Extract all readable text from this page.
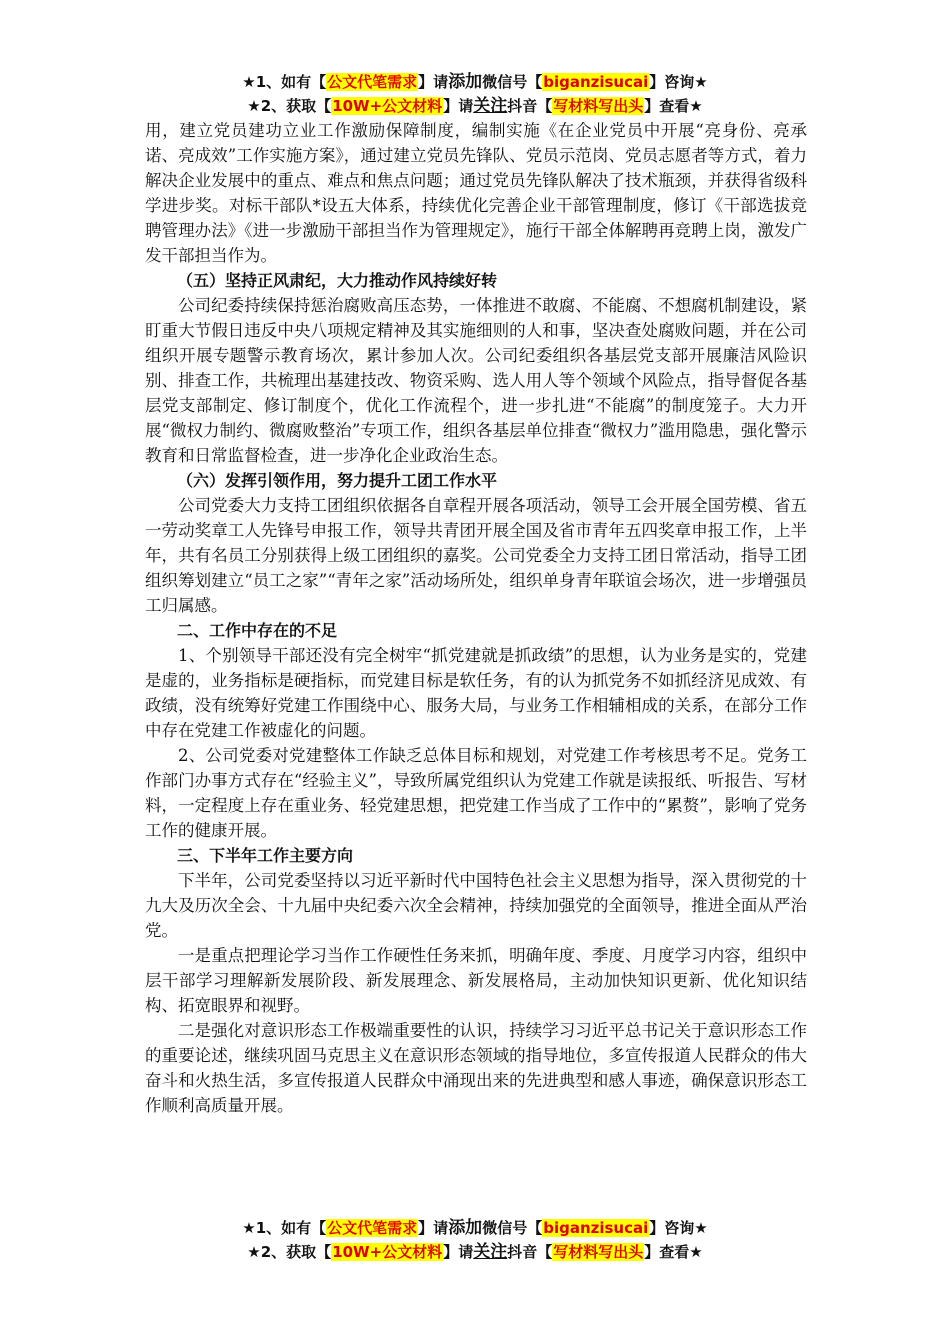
★1、如有【公文代笔需求】请添加微信号【biganzisucai】咨询★
★2、获取【10W+公文材料】请关注抖音【写材料写出头】查看★

用，建立党员建功立业工作激励保障制度，编制实施《在企业党员中开展“亮身份、亮承诺、亮成效”工作实施方案》，通过建立党员先锋队、党员示范岗、党员志愿者等方式，着力解决企业发展中的重点、难点和焦点问题；通过党员先锋队解决了技术瓶颈，并获得省级科学进步奖。对标干部队*设五大体系，持续优化完善企业干部管理制度，修订《干部选拔竞聘管理办法》《进一步激励干部担当作为管理规定》，施行干部全体解聘再竞聘上岗，激发广发干部担当作为。

（五）坚持正风肃纪，大力推动作风持续好转

公司纪委持续保持惩治腐败高压态势，一体推进不敢腐、不能腐、不想腐机制建设，紧盯重大节假日违反中央八项规定精神及其实施细则的人和事，坚决查处腐败问题，并在公司组织开展专题警示教育场次，累计参加人次。公司纪委组织各基层党支部开展廉洁风险识别、排查工作，共梳理出基建技改、物资采购、选人用人等个领域个风险点，指导督促各基层党支部制定、修订制度个，优化工作流程个，进一步扎进“不能腐”的制度笼子。大力开展“微权力制约、微腐败整治”专项工作，组织各基层单位排查“微权力”滥用隐患，强化警示教育和日常监督检查，进一步净化企业政治生态。

（六）发挥引领作用，努力提升工团工作水平

公司党委大力支持工团组织依据各自章程开展各项活动，领导工会开展全国劳模、省五一劳动奖章工人先锋号申报工作，领导共青团开展全国及省市青年五四奖章申报工作，上半年，共有名员工分别获得上级工团组织的嘉奖。公司党委全力支持工团日常活动，指导工团组织筹划建立“员工之家”“青年之家”活动场所处，组织单身青年联谊会场次，进一步增强员工归属感。

二、工作中存在的不足

1、个别领导干部还没有完全树牢“抓党建就是抓政绩”的思想，认为业务是实的，党建是虚的，业务指标是硬指标，而党建目标是软任务，有的认为抓党务不如抓经济见成效、有政绩，没有统筹好党建工作围绕中心、服务大局，与业务工作相辅相成的关系，在部分工作中存在党建工作被虚化的问题。

2、公司党委对党建整体工作缺乏总体目标和规划，对党建工作考核思考不足。党务工作部门办事方式存在“经验主义”，导致所属党组织认为党建工作就是读报纸、听报告、写材料，一定程度上存在重业务、轻党建思想，把党建工作当成了工作中的“累赘”，影响了党务工作的健康开展。

三、下半年工作主要方向

下半年，公司党委坚持以习近平新时代中国特色社会主义思想为指导，深入贯彻党的十九大及历次全会、十九届中央纪委六次全会精神，持续加强党的全面领导，推进全面从严治党。

一是重点把理论学习当作工作硬性任务来抓，明确年度、季度、月度学习内容，组织中层干部学习理解新发展阶段、新发展理念、新发展格局，主动加快知识更新、优化知识结构、拓宽眼界和视野。

二是强化对意识形态工作极端重要性的认识，持续学习习近平总书记关于意识形态工作的重要论述，继续巩固马克思主义在意识形态领域的指导地位，多宣传报道人民群众的伟大奋斗和火热生活，多宣传报道人民群众中涌现出来的先进典型和感人事迹，确保意识形态工作顺利高质量开展。

★1、如有【公文代笔需求】请添加微信号【biganzisucai】咨询★
★2、获取【10W+公文材料】请关注抖音【写材料写出头】查看★
